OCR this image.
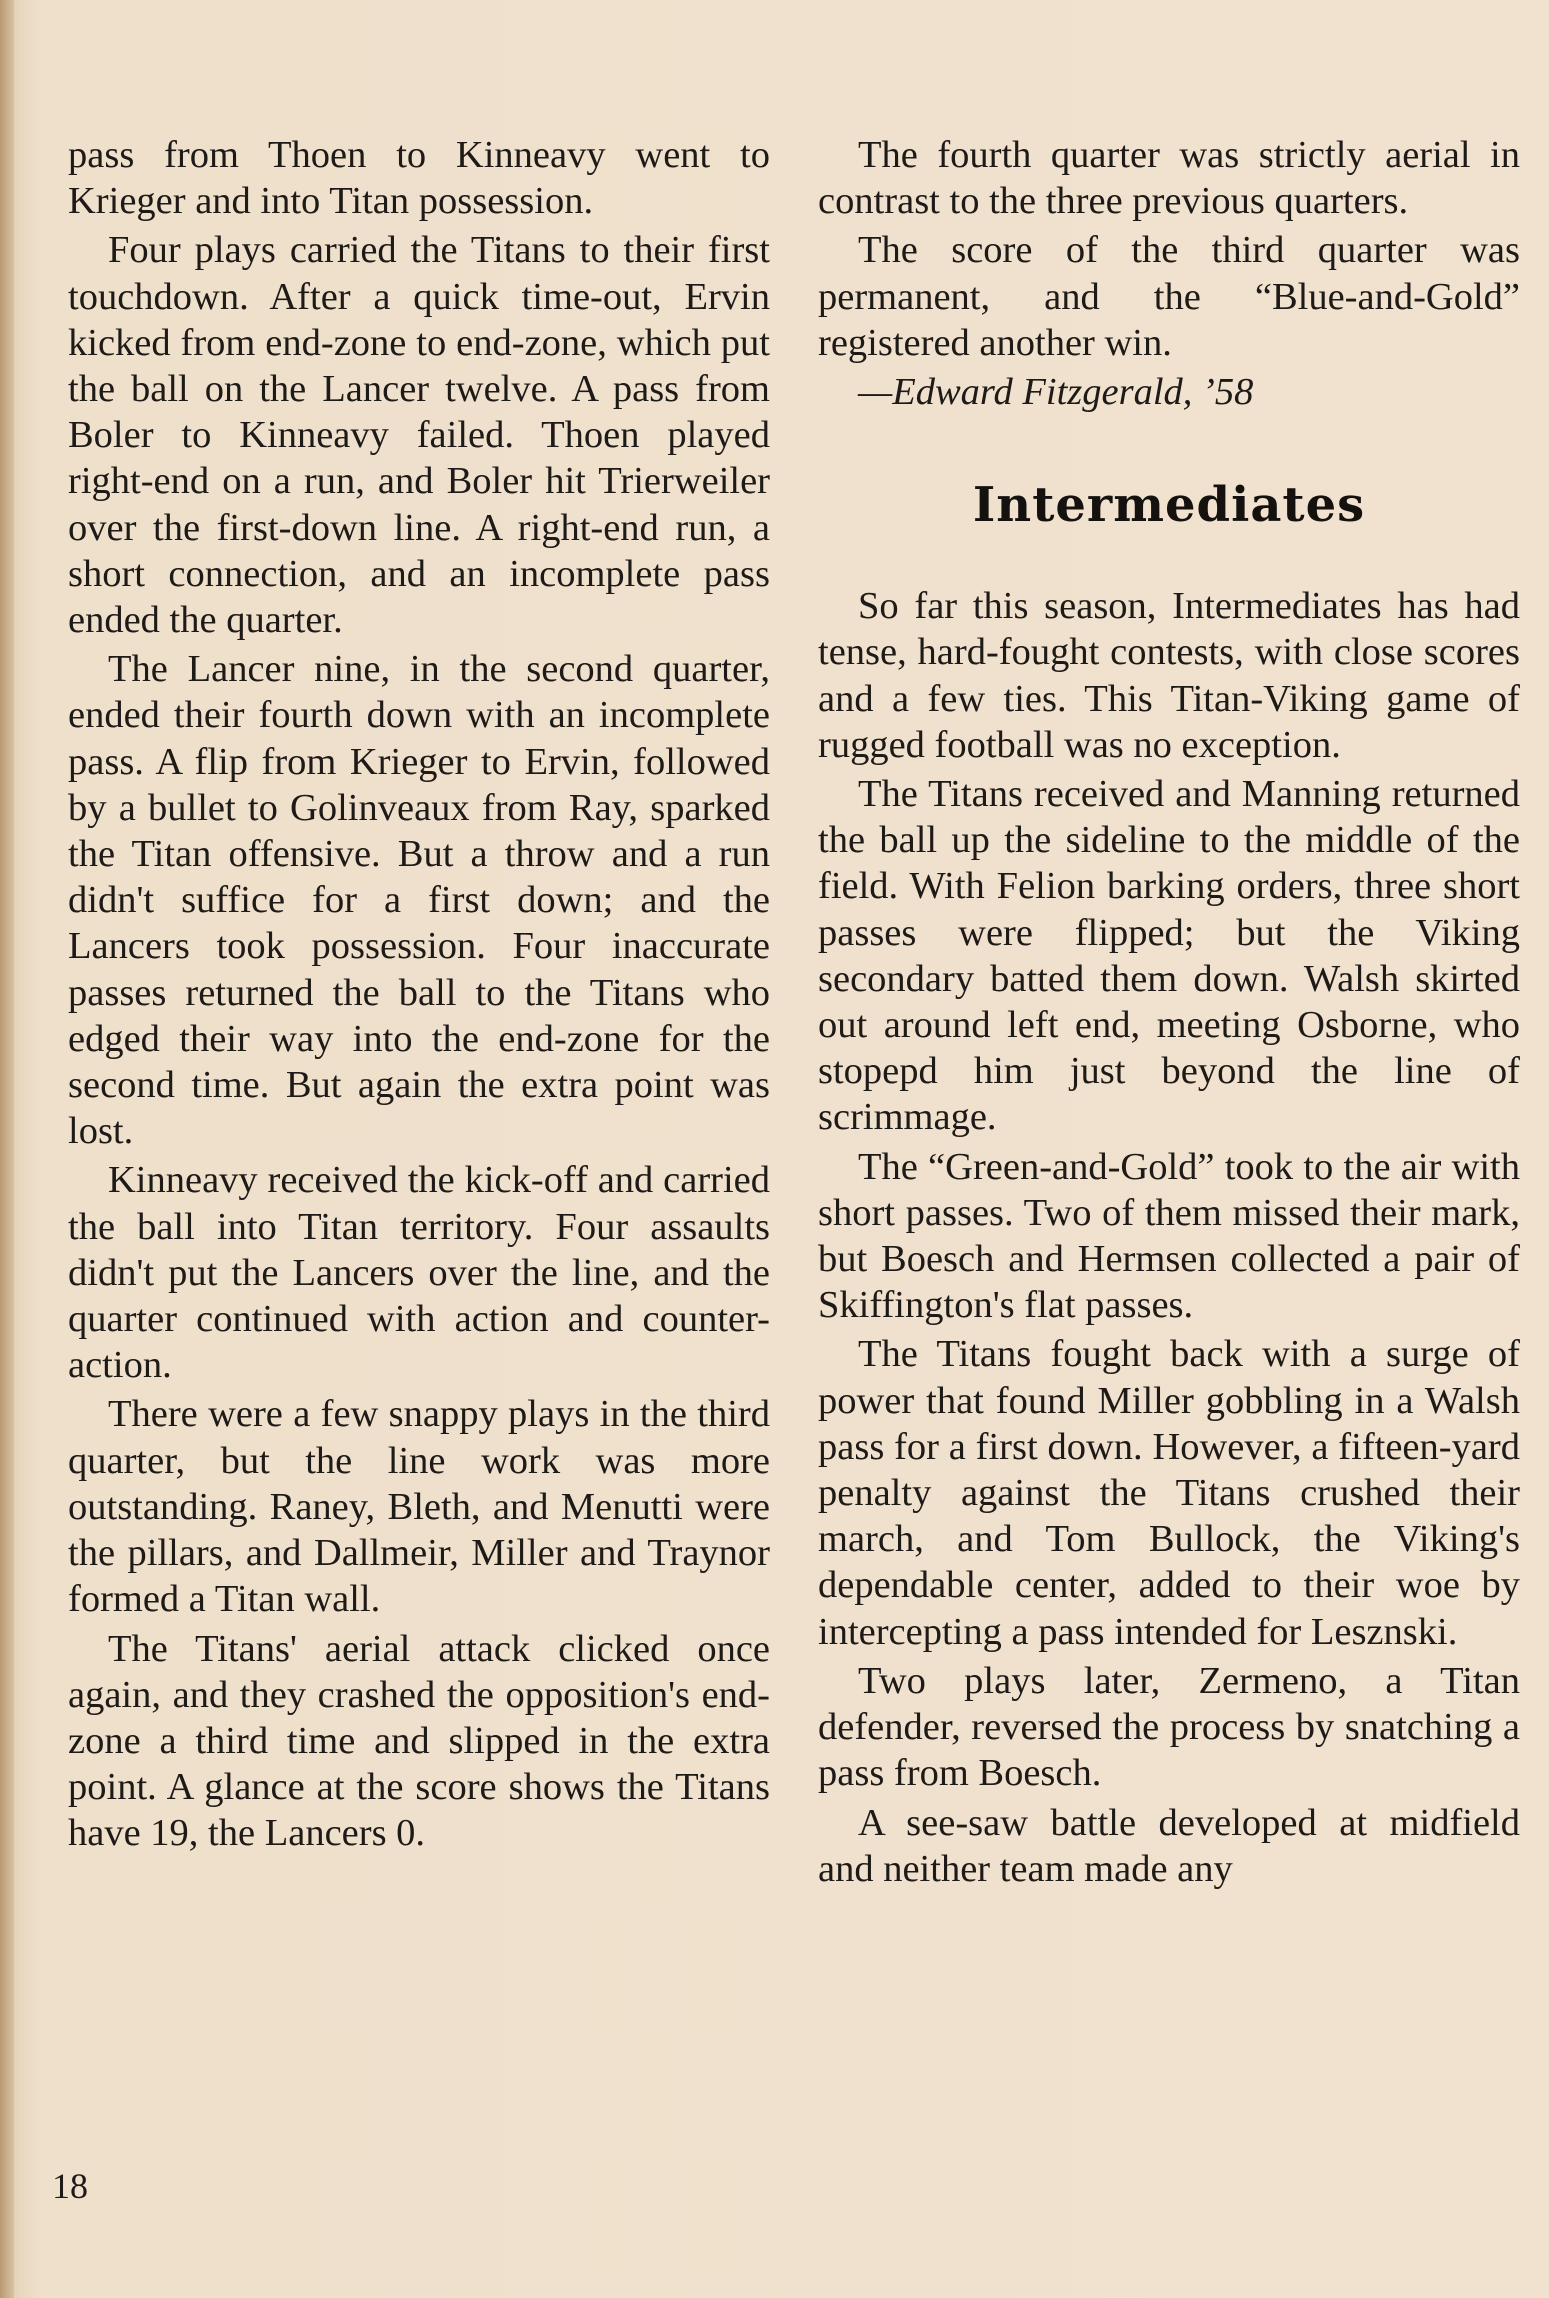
pass from Thoen to Kinneavy went to Krieger and into Titan possession.

Four plays carried the Titans to their first touchdown. After a quick time-out, Ervin kicked from end-zone to end-zone, which put the ball on the Lancer twelve. A pass from Boler to Kinneavy failed. Thoen played right-end on a run, and Boler hit Trierweiler over the first-down line. A right-end run, a short connection, and an incomplete pass ended the quarter.

The Lancer nine, in the second quarter, ended their fourth down with an incomplete pass. A flip from Krieger to Ervin, followed by a bullet to Golinveaux from Ray, sparked the Titan offensive. But a throw and a run didn't suffice for a first down; and the Lancers took possession. Four inaccurate passes returned the ball to the Titans who edged their way into the end-zone for the second time. But again the extra point was lost.

Kinneavy received the kick-off and carried the ball into Titan territory. Four assaults didn't put the Lancers over the line, and the quarter continued with action and counter-action.

There were a few snappy plays in the third quarter, but the line work was more outstanding. Raney, Bleth, and Menutti were the pillars, and Dallmeir, Miller and Traynor formed a Titan wall.

The Titans' aerial attack clicked once again, and they crashed the opposition's end-zone a third time and slipped in the extra point. A glance at the score shows the Titans have 19, the Lancers 0.

The fourth quarter was strictly aerial in contrast to the three previous quarters.

The score of the third quarter was permanent, and the “Blue-and-Gold” registered another win.

—Edward Fitzgerald, ’58

Intermediates

So far this season, Intermediates has had tense, hard-fought contests, with close scores and a few ties. This Titan-Viking game of rugged football was no exception.

The Titans received and Manning returned the ball up the sideline to the middle of the field. With Felion barking orders, three short passes were flipped; but the Viking secondary batted them down. Walsh skirted out around left end, meeting Osborne, who stopepd him just beyond the line of scrimmage.

The “Green-and-Gold” took to the air with short passes. Two of them missed their mark, but Boesch and Hermsen collected a pair of Skiffington's flat passes.

The Titans fought back with a surge of power that found Miller gobbling in a Walsh pass for a first down. However, a fifteen-yard penalty against the Titans crushed their march, and Tom Bullock, the Viking's dependable center, added to their woe by intercepting a pass intended for Lesznski.

Two plays later, Zermeno, a Titan defender, reversed the process by snatching a pass from Boesch.

A see-saw battle developed at midfield and neither team made any

18
